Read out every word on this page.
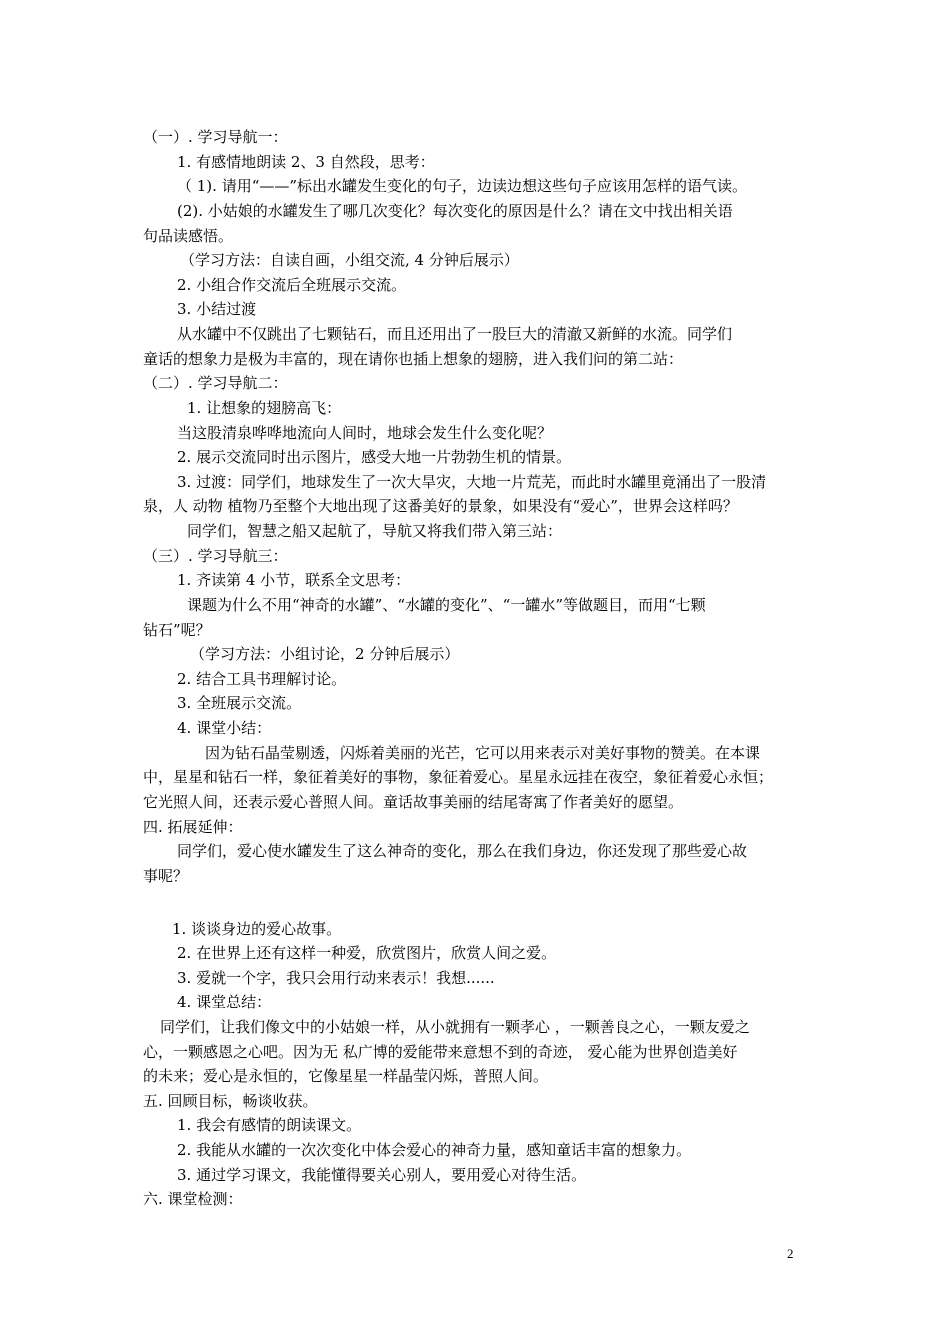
（一）. 学习导航一：
1. 有感情地朗读 2、3 自然段，思考：
（ 1). 请用“——”标出水罐发生变化的句子，边读边想这些句子应该用怎样的语气读。
(2). 小姑娘的水罐发生了哪几次变化？每次变化的原因是什么？请在文中找出相关语
句品读感悟。
（学习方法：自读自画，小组交流, 4 分钟后展示）
2. 小组合作交流后全班展示交流。
3. 小结过渡
从水罐中不仅跳出了七颗钻石，而且还用出了一股巨大的清澈又新鲜的水流。同学们
童话的想象力是极为丰富的，现在请你也插上想象的翅膀，进入我们问的第二站：
（二）. 学习导航二：
1. 让想象的翅膀高飞：
当这股清泉哗哗地流向人间时，地球会发生什么变化呢？
2. 展示交流同时出示图片，感受大地一片勃勃生机的情景。
3. 过渡：同学们，地球发生了一次大旱灾，大地一片荒芜，而此时水罐里竟涌出了一股清
泉，人 动物 植物乃至整个大地出现了这番美好的景象，如果没有“爱心”，世界会这样吗？
同学们，智慧之船又起航了，导航又将我们带入第三站：
（三）. 学习导航三：
1. 齐读第 4 小节，联系全文思考：
课题为什么不用“神奇的水罐”、“水罐的变化”、“一罐水”等做题目，而用“七颗
钻石”呢？
（学习方法：小组讨论，2 分钟后展示）
2. 结合工具书理解讨论。
3. 全班展示交流。
4. 课堂小结：
因为钻石晶莹剔透，闪烁着美丽的光芒，它可以用来表示对美好事物的赞美。在本课
中，星星和钻石一样，象征着美好的事物，象征着爱心。星星永远挂在夜空，象征着爱心永恒；
它光照人间，还表示爱心普照人间。童话故事美丽的结尾寄寓了作者美好的愿望。
四. 拓展延伸：
同学们，爱心使水罐发生了这么神奇的变化，那么在我们身边，你还发现了那些爱心故
事呢？
1. 谈谈身边的爱心故事。
2. 在世界上还有这样一种爱，欣赏图片，欣赏人间之爱。
3. 爱就一个字，我只会用行动来表示！我想......
4. 课堂总结：
同学们，让我们像文中的小姑娘一样，从小就拥有一颗孝心 ，一颗善良之心，一颗友爱之
心，一颗感恩之心吧。因为无 私广博的爱能带来意想不到的奇迹， 爱心能为世界创造美好
的未来；爱心是永恒的，它像星星一样晶莹闪烁，普照人间。
五. 回顾目标，畅谈收获。
1. 我会有感情的朗读课文。
2. 我能从水罐的一次次变化中体会爱心的神奇力量，感知童话丰富的想象力。
3. 通过学习课文，我能懂得要关心别人，要用爱心对待生活。
六. 课堂检测：
2
